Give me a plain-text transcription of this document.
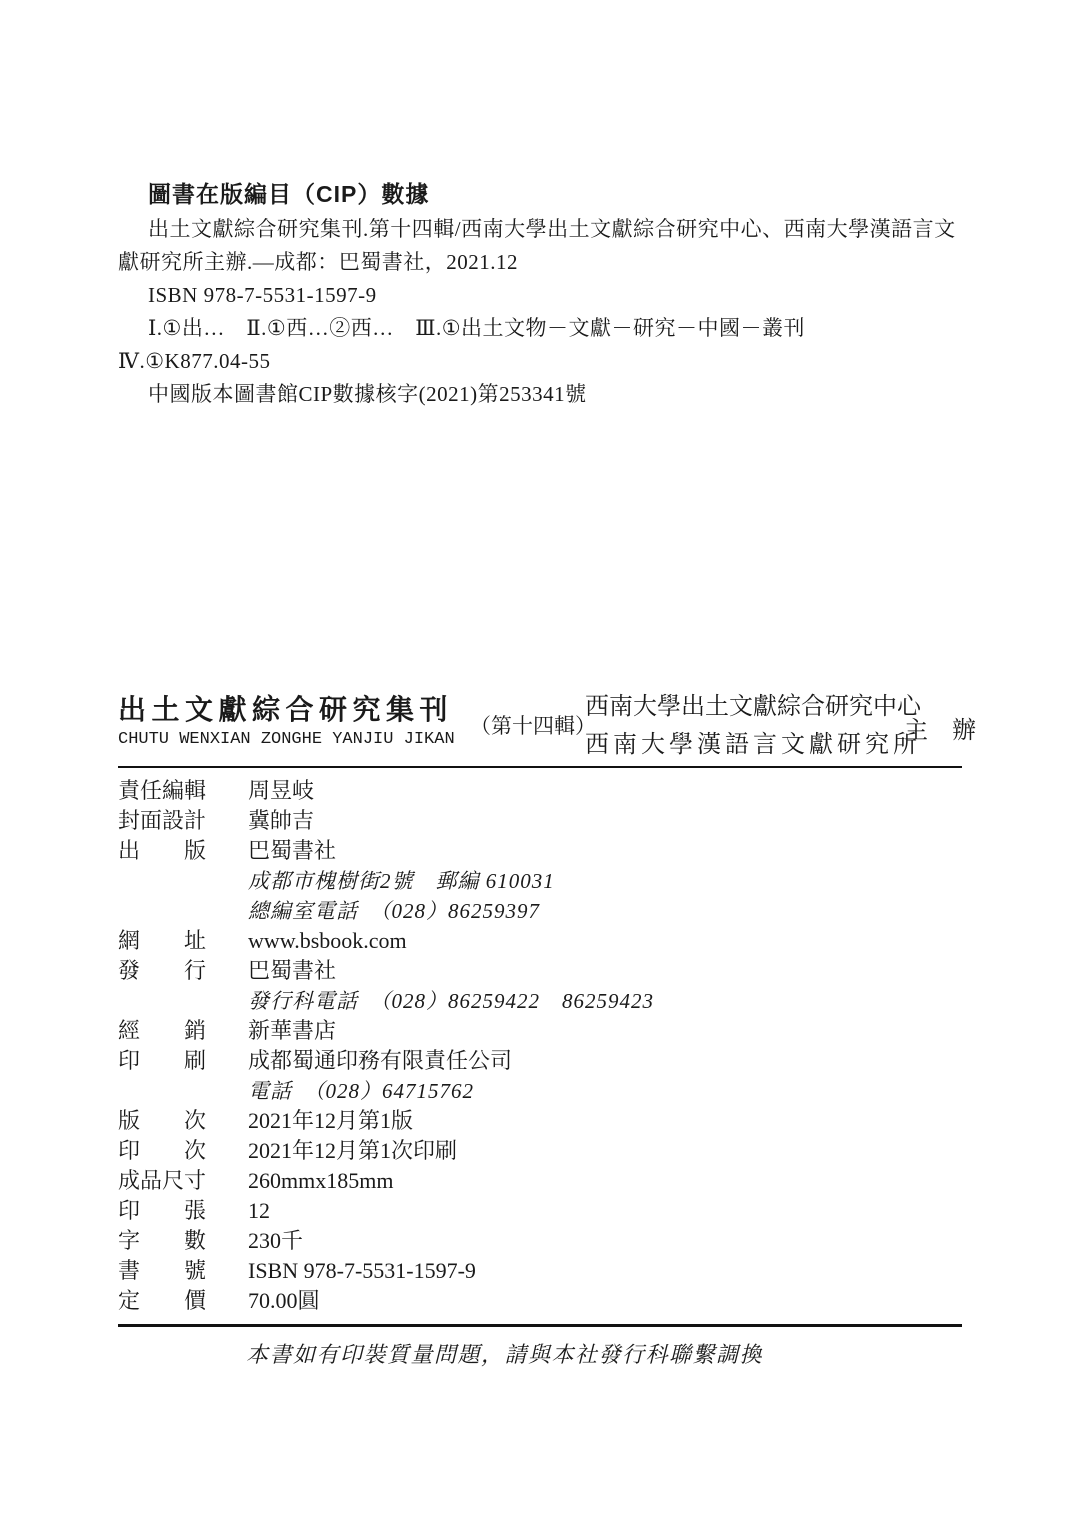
圖書在版編目（CIP）數據
出土文獻綜合研究集刊.第十四輯/西南大學出土文獻綜合研究中心、西南大學漢語言文
獻研究所主辦.—成都：巴蜀書社，2021.12
ISBN 978-7-5531-1597-9
Ⅰ.①出…　Ⅱ.①西…②西…　Ⅲ.①出土文物－文獻－研究－中國－叢刊
Ⅳ.①K877.04-55
中國版本圖書館CIP數據核字(2021)第253341號
出土文獻綜合研究集刊
CHUTU WENXIAN ZONGHE YANJIU JIKAN
（第十四輯）
西南大學出土文獻綜合研究中心
西南大學漢語言文獻研究所
主　辦
責任編輯 周昱岐
封面設計 冀帥吉
出　　版 巴蜀書社
成都市槐樹街2號　郵編 610031
總編室電話　（028）86259397
網　　址 www.bsbook.com
發　　行 巴蜀書社
發行科電話　（028）86259422　86259423
經　　銷 新華書店
印　　刷 成都蜀通印務有限責任公司
電話　（028）64715762
版　　次 2021年12月第1版
印　　次 2021年12月第1次印刷
成品尺寸 260mmx185mm
印　　張 12
字　　數 230千
書　　號 ISBN 978-7-5531-1597-9
定　　價 70.00圓
本書如有印裝質量問題，請與本社發行科聯繫調換
